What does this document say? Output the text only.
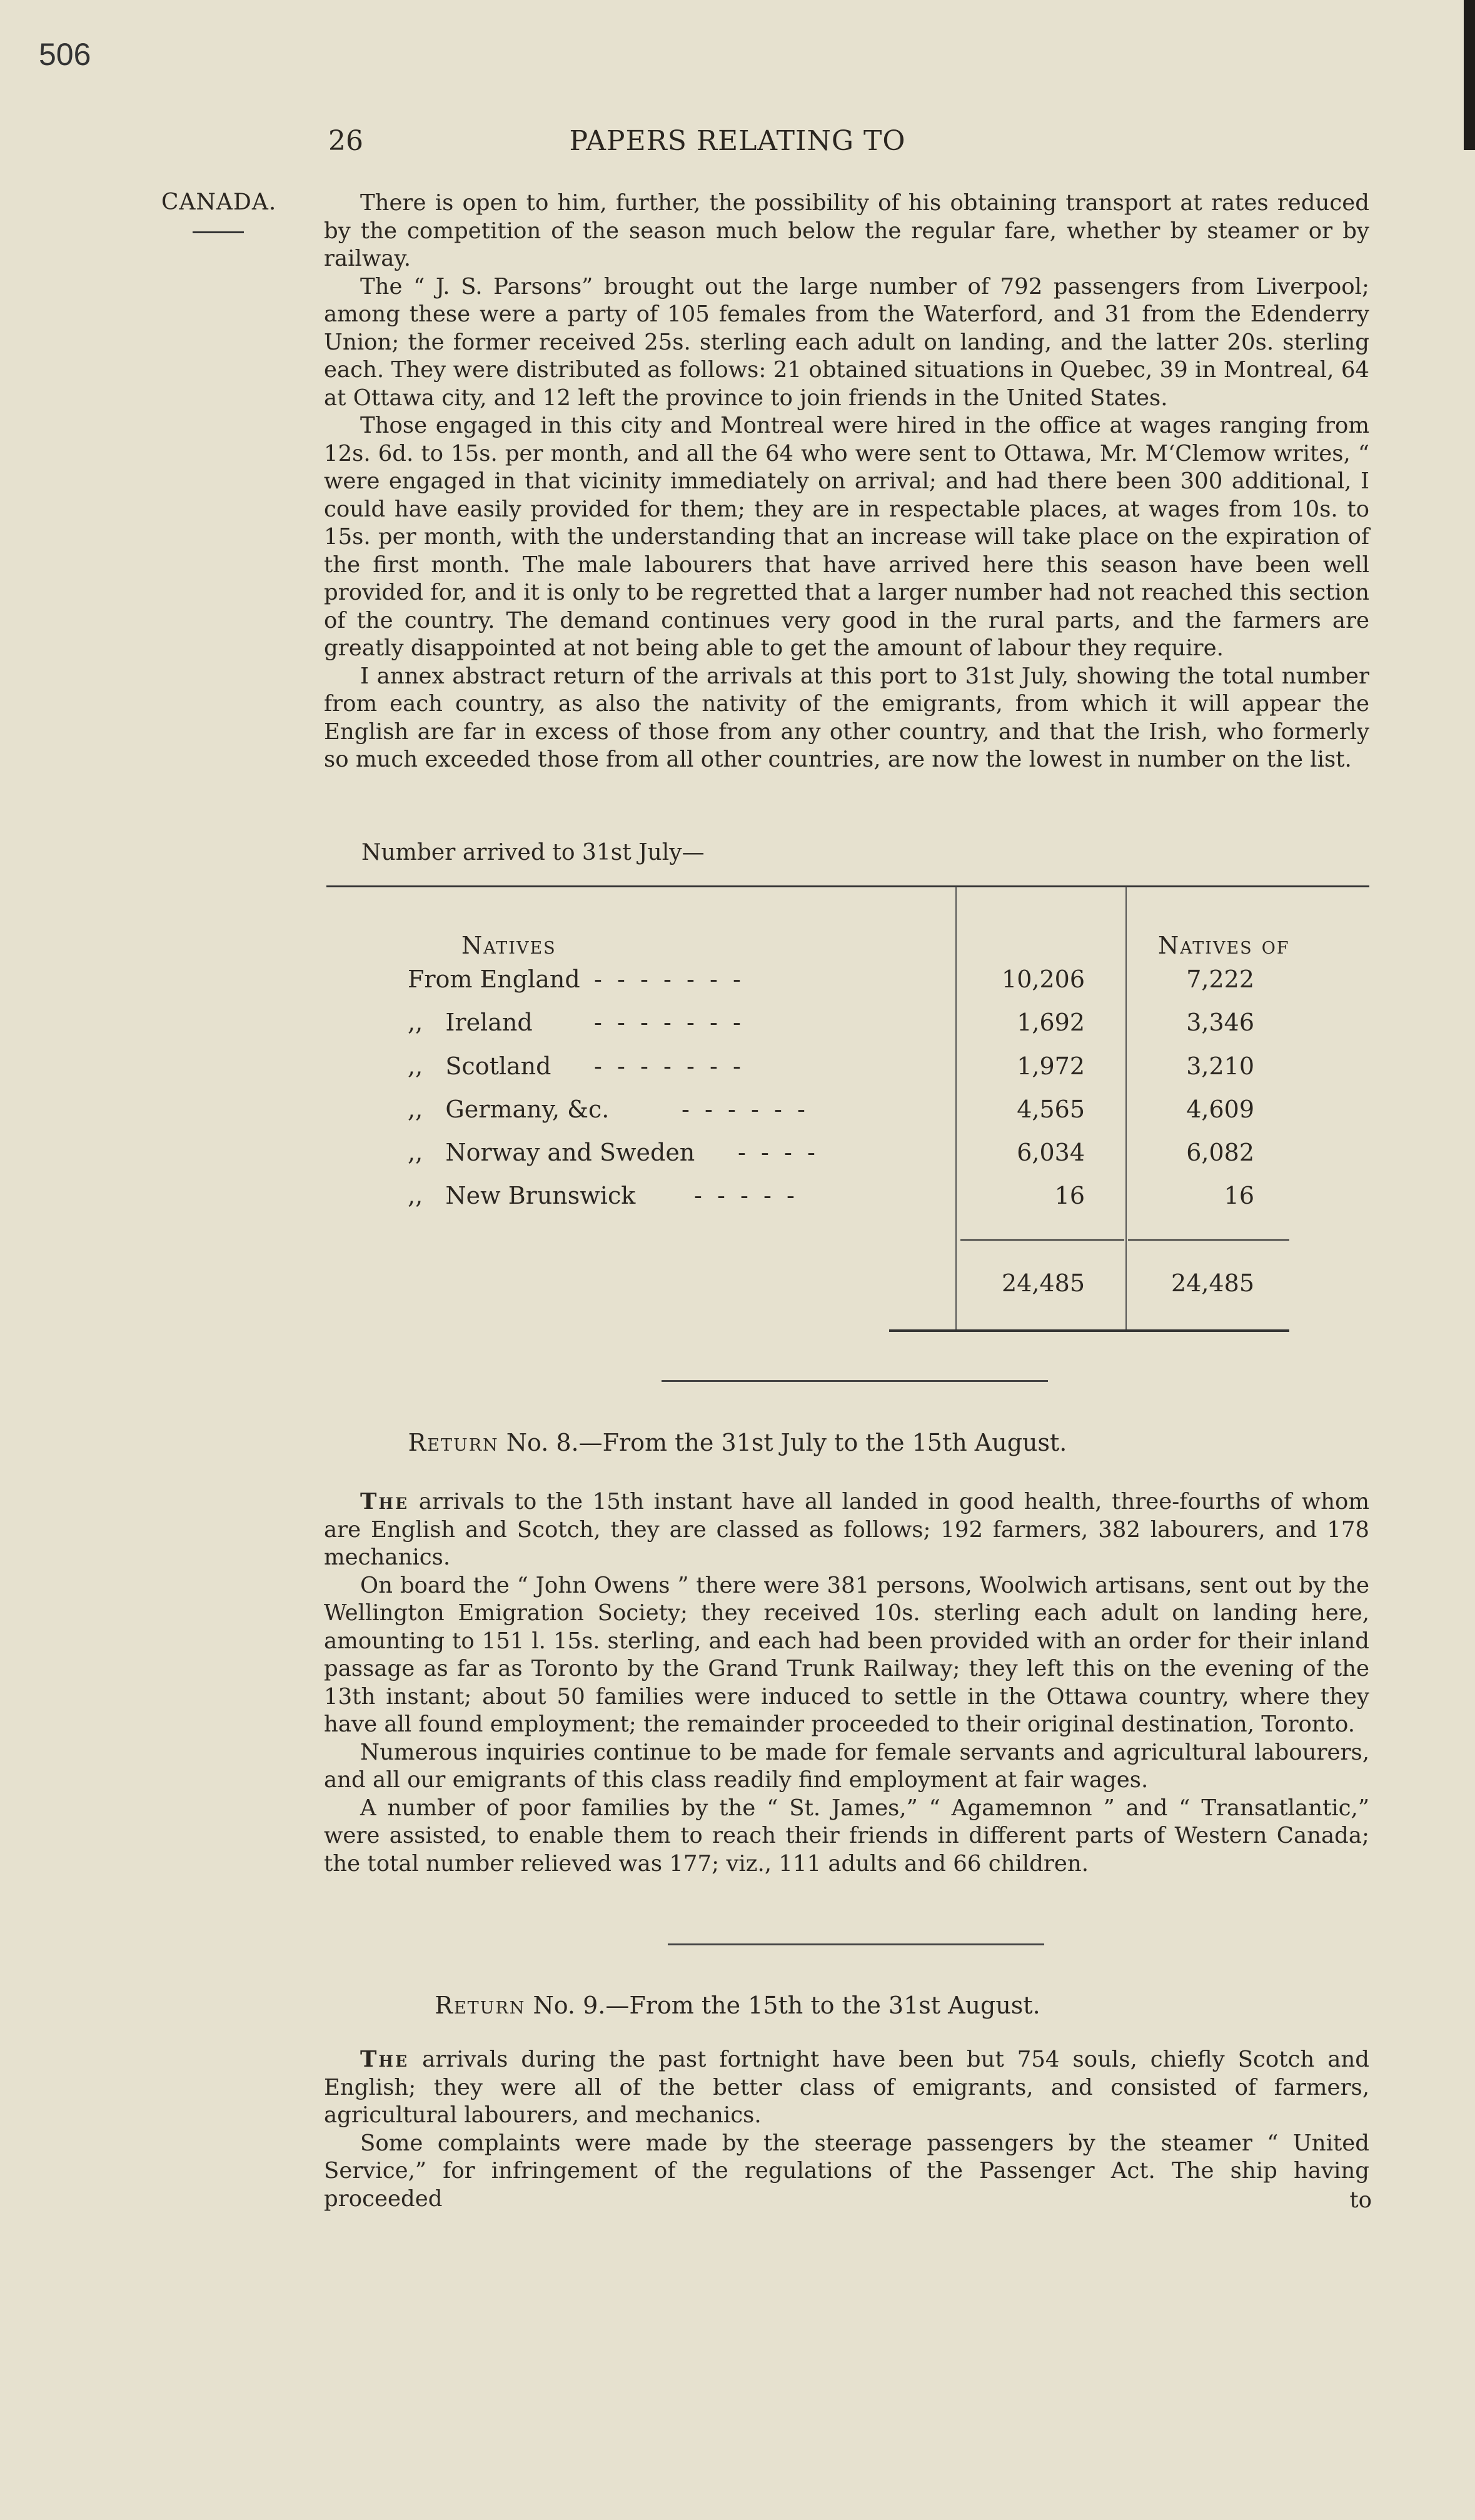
506
26	PAPERS RELATING TO
CANADA.	There is open to him, further, the possibility of his obtaining transport at rates reduced by the competition of the season much below the regular fare, whether by steamer or by railway.

The “ J. S. Parsons” brought out the large number of 792 passengers from Liverpool; among these were a party of 105 females from the Waterford, and 31 from the Edenderry Union; the former received 25s. sterling each adult on landing, and the latter 20s. sterling each. They were distributed as follows: 21 obtained situations in Quebec, 39 in Montreal, 64 at Ottawa city, and 12 left the province to join friends in the United States.

Those engaged in this city and Montreal were hired in the office at wages ranging from 12s. 6d. to 15s. per month, and all the 64 who were sent to Ottawa, Mr. M‘Clemow writes, “ were engaged in that vicinity immediately on arrival; and had there been 300 additional, I could have easily provided for them; they are in respectable places, at wages from 10s. to 15s. per month, with the understanding that an increase will take place on the expiration of the first month. The male labourers that have arrived here this season have been well provided for, and it is only to be regretted that a larger number had not reached this section of the country. The demand continues very good in the rural parts, and the farmers are greatly disappointed at not being able to get the amount of labour they require.

I annex abstract return of the arrivals at this port to 31st July, showing the total number from each country, as also the nativity of the emigrants, from which it will appear the English are far in excess of those from any other country, and that the Irish, who formerly so much exceeded those from all other countries, are now the lowest in number on the list.

Number arrived to 31st July—
Natives	Natives of
From England -  -  -  -  -  -  -	10,206	7,222
,,   Ireland	-  -  -  -  -  -  -	1,692	3,346
,,   Scotland -  -  -  -  -  -  -	1,972	3,210
,,   Germany, &c.	-  -  -  -  -  -	4,565	4,609
,,   Norway and Sweden -  -  -  -	6,034	6,082
,,   New Brunswick -  -  -  -  -	16	16
24,485	24,485
Return No. 8.—From the 31st July to the 15th August.

The arrivals to the 15th instant have all landed in good health, three-fourths of whom are English and Scotch, they are classed as follows; 192 farmers, 382 labourers, and 178 mechanics.

On board the “ John Owens ” there were 381 persons, Woolwich artisans, sent out by the Wellington Emigration Society; they received 10s. sterling each adult on landing here, amounting to 151 l. 15s. sterling, and each had been provided with an order for their inland passage as far as Toronto by the Grand Trunk Railway; they left this on the evening of the 13th instant; about 50 families were induced to settle in the Ottawa country, where they have all found employment; the remainder proceeded to their original destination, Toronto.

Numerous inquiries continue to be made for female servants and agricultural labourers, and all our emigrants of this class readily find employment at fair wages.

A number of poor families by the “ St. James,” “ Agamemnon ” and “ Transatlantic,” were assisted, to enable them to reach their friends in different parts of Western Canada; the total number relieved was 177; viz., 111 adults and 66 children.

Return No. 9.—From the 15th to the 31st August.

The arrivals during the past fortnight have been but 754 souls, chiefly Scotch and English; they were all of the better class of emigrants, and consisted of farmers, agricultural labourers, and mechanics.

Some complaints were made by the steerage passengers by the steamer “ United Service,” for infringement of the regulations of the Passenger Act. The ship having proceeded	to
